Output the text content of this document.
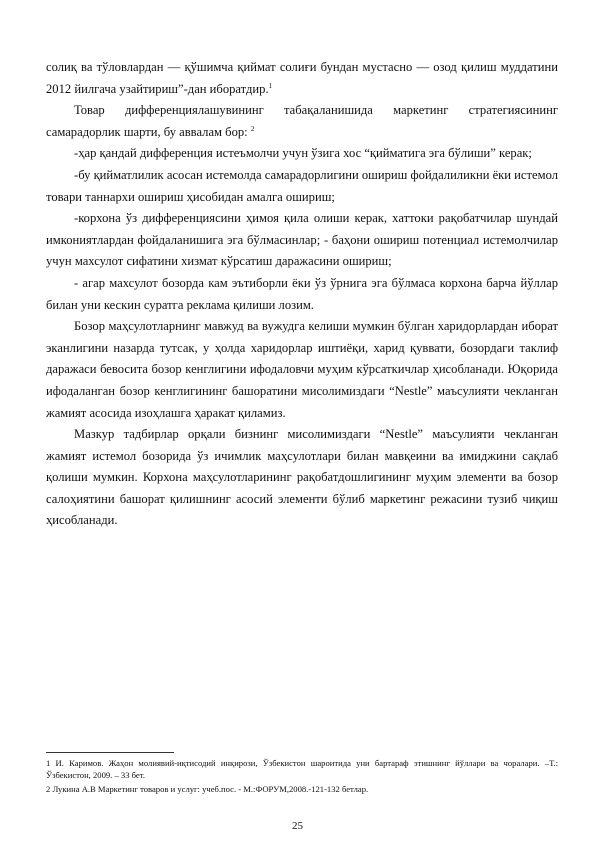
солиқ ва тўловлардан — қўшимча қиймат солиғи бундан мустасно — озод қилиш муддатини 2012 йилгача узайтириш”-дан иборатдир.$^1$

Товар дифференциялашувининг табақаланишида маркетинг стратегиясининг самарадорлик шарти, бу аввалам бор: $^2$

-ҳар қандай дифференция истеъмолчи учун ўзига хос “қийматига эга бўлиши” керак;

-бу қийматлилик асосан истемолда самарадорлигини ошириш фойдалиликни ёки истемол товари таннархи ошириш ҳисобидан амалга ошириш;

-корхона ўз дифференциясини ҳимоя қила олиши керак, хаттоки рақобатчилар шундай имкониятлардан фойдаланишига эга бўлмасинлар; - баҳони ошириш потенциал истемолчилар учун махсулот сифатини хизмат кўрсатиш даражасини ошириш;

- агар махсулот бозорда кам эътиборли ёки ўз ўрнига эга бўлмаса корхона барча йўллар билан уни кескин суратга реклама қилиши лозим.

Бозор маҳсулотларнинг мавжуд ва вужудга келиши мумкин бўлган харидорлардан иборат эканлигини назарда тутсак, у ҳолда харидорлар иштиёқи, харид қуввати, бозордаги таклиф даражаси бевосита бозор кенглигини ифодаловчи муҳим кўрсаткичлар ҳисобланади. Юқорида ифодаланган бозор кенглигининг башоратини мисолимиздаги “Nestle” маъсулияти чекланган жамият асосида изоҳлашга ҳаракат қиламиз.

Мазкур тадбирлар орқали бизнинг мисолимиздаги “Nestle” маъсулияти чекланган жамият истемол бозорида ўз ичимлик маҳсулотлари билан мавқеини ва имиджини сақлаб қолиши мумкин. Корхона маҳсулотларининг рақобатдошлигининг муҳим элементи ва бозор салоҳиятини башорат қилишнинг асосий элементи бўлиб маркетинг режасини тузиб чиқиш ҳисобланади.

1 И. Каримов. Жаҳон молиявий-иқтисодий инқирози, Ўзбекистон шароитида уни бартараф этишнинг йўллари ва чоралари. –Т.: Ўзбекистон, 2009. – 33 бет.

2 Лукина А.В Маркетинг товаров и услуг: учеб.пос. - М.:ФОРУМ,2008.-121-132 бетлар.

25
